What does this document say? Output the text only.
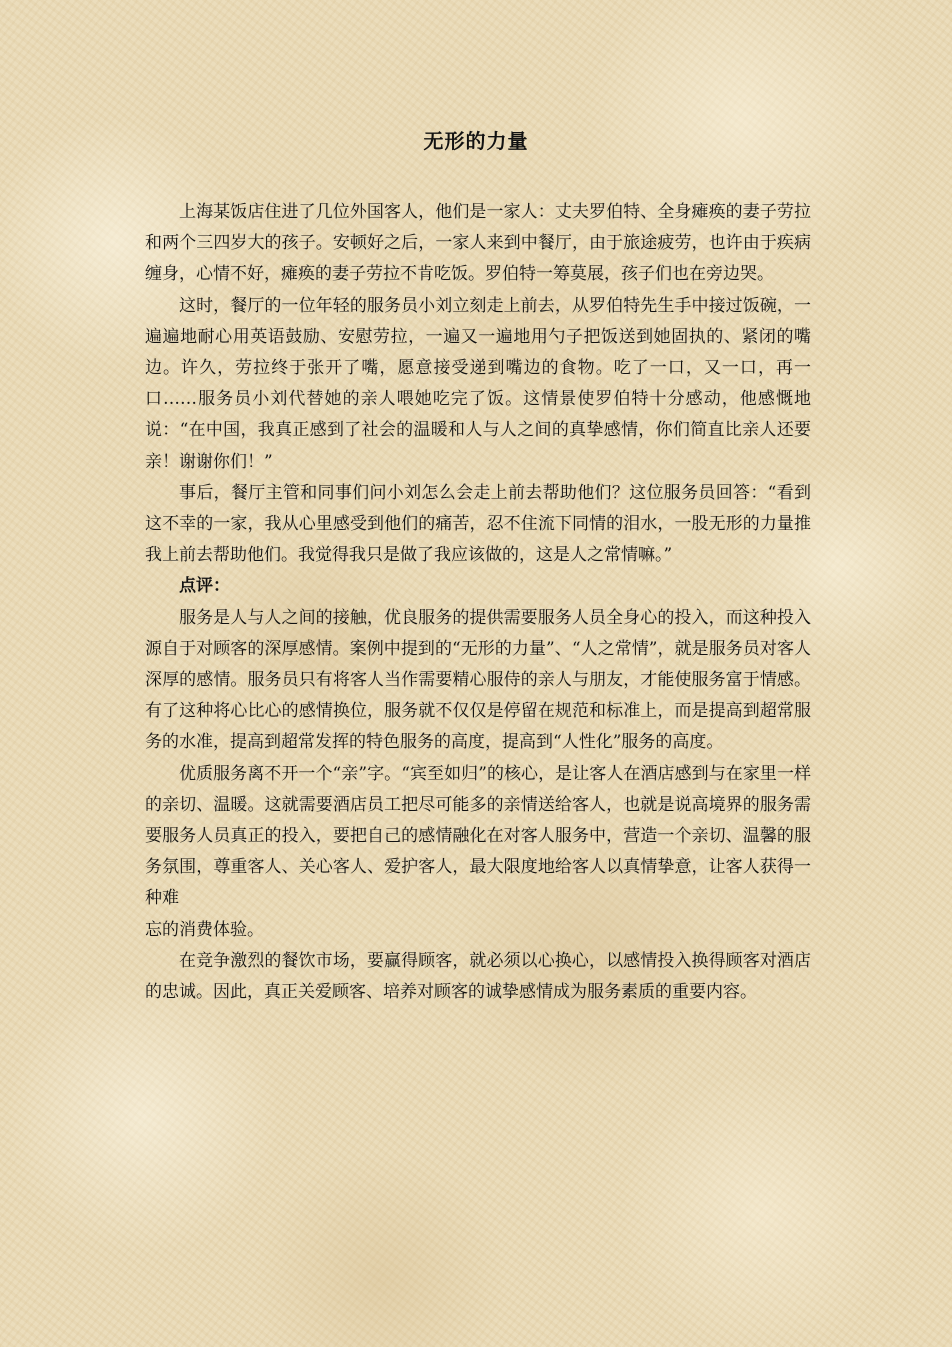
无形的力量

上海某饭店住进了几位外国客人，他们是一家人：丈夫罗伯特、全身瘫痪的妻子劳拉和两个三四岁大的孩子。安顿好之后，一家人来到中餐厅，由于旅途疲劳，也许由于疾病缠身，心情不好，瘫痪的妻子劳拉不肯吃饭。罗伯特一筹莫展，孩子们也在旁边哭。

这时，餐厅的一位年轻的服务员小刘立刻走上前去，从罗伯特先生手中接过饭碗，一遍遍地耐心用英语鼓励、安慰劳拉，一遍又一遍地用勺子把饭送到她固执的、紧闭的嘴边。许久，劳拉终于张开了嘴，愿意接受递到嘴边的食物。吃了一口，又一口，再一口……服务员小刘代替她的亲人喂她吃完了饭。这情景使罗伯特十分感动，他感慨地说：“在中国，我真正感到了社会的温暖和人与人之间的真挚感情，你们简直比亲人还要亲！谢谢你们！”

事后，餐厅主管和同事们问小刘怎么会走上前去帮助他们？这位服务员回答：“看到这不幸的一家，我从心里感受到他们的痛苦，忍不住流下同情的泪水，一股无形的力量推我上前去帮助他们。我觉得我只是做了我应该做的，这是人之常情嘛。”

点评：

服务是人与人之间的接触，优良服务的提供需要服务人员全身心的投入，而这种投入源自于对顾客的深厚感情。案例中提到的“无形的力量”、“人之常情”，就是服务员对客人深厚的感情。服务员只有将客人当作需要精心服侍的亲人与朋友，才能使服务富于情感。有了这种将心比心的感情换位，服务就不仅仅是停留在规范和标准上，而是提高到超常服务的水准，提高到超常发挥的特色服务的高度，提高到“人性化”服务的高度。

优质服务离不开一个“亲”字。“宾至如归”的核心，是让客人在酒店感到与在家里一样的亲切、温暖。这就需要酒店员工把尽可能多的亲情送给客人，也就是说高境界的服务需要服务人员真正的投入，要把自己的感情融化在对客人服务中，营造一个亲切、温馨的服务氛围，尊重客人、关心客人、爱护客人，最大限度地给客人以真情挚意，让客人获得一种难

忘的消费体验。

在竞争激烈的餐饮市场，要赢得顾客，就必须以心换心，以感情投入换得顾客对酒店的忠诚。因此，真正关爱顾客、培养对顾客的诚挚感情成为服务素质的重要内容。
